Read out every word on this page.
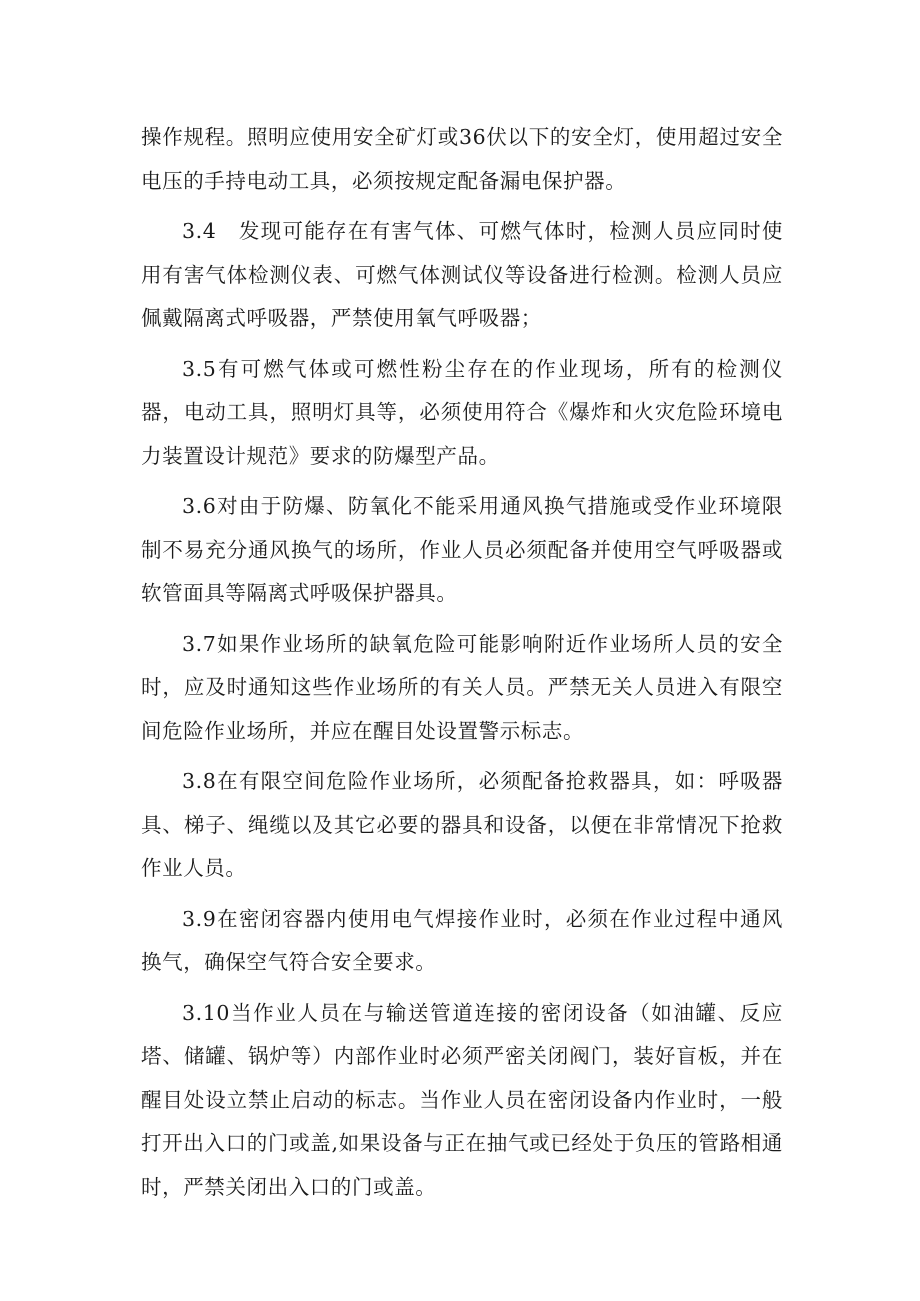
操作规程。照明应使用安全矿灯或36伏以下的安全灯，使用超过安全电压的手持电动工具，必须按规定配备漏电保护器。

3.4　发现可能存在有害气体、可燃气体时，检测人员应同时使用有害气体检测仪表、可燃气体测试仪等设备进行检测。检测人员应佩戴隔离式呼吸器，严禁使用氧气呼吸器；

3.5有可燃气体或可燃性粉尘存在的作业现场，所有的检测仪器，电动工具，照明灯具等，必须使用符合《爆炸和火灾危险环境电力装置设计规范》要求的防爆型产品。

3.6对由于防爆、防氧化不能采用通风换气措施或受作业环境限制不易充分通风换气的场所，作业人员必须配备并使用空气呼吸器或软管面具等隔离式呼吸保护器具。

3.7如果作业场所的缺氧危险可能影响附近作业场所人员的安全时，应及时通知这些作业场所的有关人员。严禁无关人员进入有限空间危险作业场所，并应在醒目处设置警示标志。

3.8在有限空间危险作业场所，必须配备抢救器具，如：呼吸器具、梯子、绳缆以及其它必要的器具和设备，以便在非常情况下抢救作业人员。

3.9在密闭容器内使用电气焊接作业时，必须在作业过程中通风换气，确保空气符合安全要求。

3.10当作业人员在与输送管道连接的密闭设备（如油罐、反应塔、储罐、锅炉等）内部作业时必须严密关闭阀门，装好盲板，并在醒目处设立禁止启动的标志。当作业人员在密闭设备内作业时，一般打开出入口的门或盖,如果设备与正在抽气或已经处于负压的管路相通时，严禁关闭出入口的门或盖。
